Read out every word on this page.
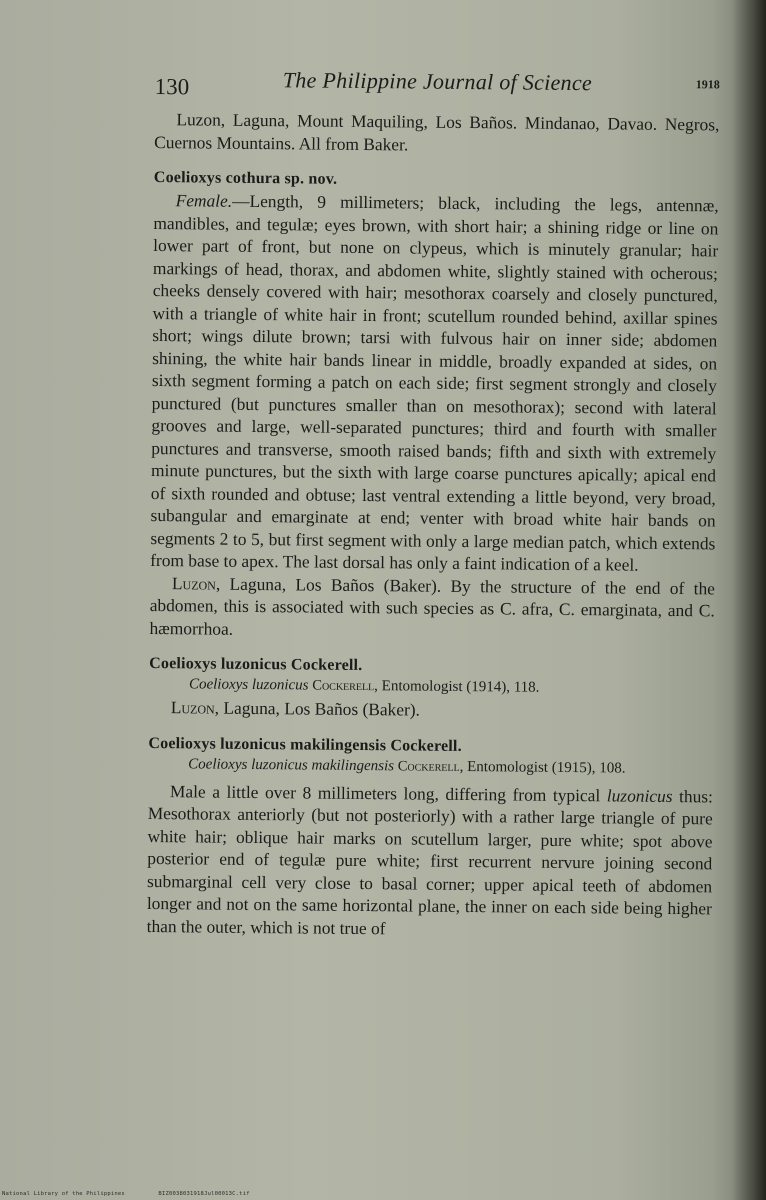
130	The Philippine Journal of Science	1918

Luzon, Laguna, Mount Maquiling, Los Baños. Mindanao, Davao. Negros, Cuernos Mountains. All from Baker.

Coelioxys cothura sp. nov.

Female.—Length, 9 millimeters; black, including the legs, antennæ, mandibles, and tegulæ; eyes brown, with short hair; a shining ridge or line on lower part of front, but none on clypeus, which is minutely granular; hair markings of head, thorax, and abdomen white, slightly stained with ocherous; cheeks densely covered with hair; mesothorax coarsely and closely punctured, with a triangle of white hair in front; scutellum rounded behind, axillar spines short; wings dilute brown; tarsi with fulvous hair on inner side; abdomen shining, the white hair bands linear in middle, broadly expanded at sides, on sixth segment forming a patch on each side; first segment strongly and closely punctured (but punctures smaller than on mesothorax); second with lateral grooves and large, well-separated punctures; third and fourth with smaller punctures and transverse, smooth raised bands; fifth and sixth with extremely minute punctures, but the sixth with large coarse punctures apically; apical end of sixth rounded and obtuse; last ventral extending a little beyond, very broad, subangular and emarginate at end; venter with broad white hair bands on segments 2 to 5, but first segment with only a large median patch, which extends from base to apex. The last dorsal has only a faint indication of a keel.

Luzon, Laguna, Los Baños (Baker). By the structure of the end of the abdomen, this is associated with such species as C. afra, C. emarginata, and C. hæmorrhoa.

Coelioxys luzonicus Cockerell.

Coelioxys luzonicus Cockerell, Entomologist (1914), 118.

Luzon, Laguna, Los Baños (Baker).

Coelioxys luzonicus makilingensis Cockerell.

Coelioxys luzonicus makilingensis Cockerell, Entomologist (1915), 108.

Male a little over 8 millimeters long, differing from typical luzonicus thus: Mesothorax anteriorly (but not posteriorly) with a rather large triangle of pure white hair; oblique hair marks on scutellum larger, pure white; spot above posterior end of tegulæ pure white; first recurrent nervure joining second submarginal cell very close to basal corner; upper apical teeth of abdomen longer and not on the same horizontal plane, the inner on each side being higher than the outer, which is not true of

National Library of the Philippines	BIZ0038031918Jul00013C.tif
